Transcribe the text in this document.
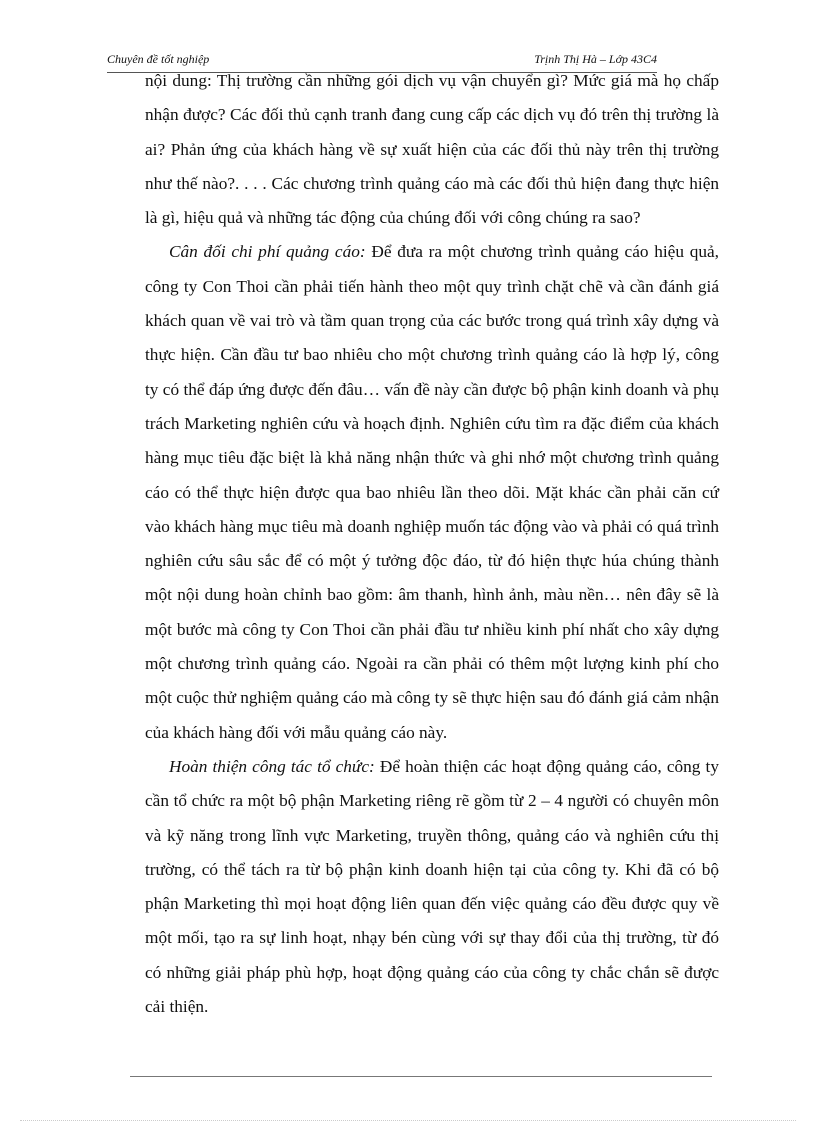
Chuyên đề tốt nghiệp	Trịnh Thị Hà – Lớp 43C4

nội dung: Thị trường cần những gói dịch vụ vận chuyển gì? Mức giá mà họ chấp nhận được? Các đối thủ cạnh tranh đang cung cấp các dịch vụ đó trên thị trường là ai? Phản ứng của khách hàng về sự xuất hiện của các đối thủ này trên thị trường như thế nào?. . . . Các chương trình quảng cáo mà các đối thủ hiện đang thực hiện là gì, hiệu quả và những tác động của chúng đối với công chúng ra sao?

Cân đối chi phí quảng cáo: Để đưa ra một chương trình quảng cáo hiệu quả, công ty Con Thoi cần phải tiến hành theo một quy trình chặt chẽ và cần đánh giá khách quan về vai trò và tầm quan trọng của các bước trong quá trình xây dựng và thực hiện. Cần đầu tư bao nhiêu cho một chương trình quảng cáo là hợp lý, công ty có thể đáp ứng được đến đâu… vấn đề này cần được bộ phận kinh doanh và phụ trách Marketing nghiên cứu và hoạch định. Nghiên cứu tìm ra đặc điểm của khách hàng mục tiêu đặc biệt là khả năng nhận thức và ghi nhớ một chương trình quảng cáo có thể thực hiện được qua bao nhiêu lần theo dõi. Mặt khác cần phải căn cứ vào khách hàng mục tiêu mà doanh nghiệp muốn tác động vào và phải có quá trình nghiên cứu sâu sắc để có một ý tưởng độc đáo, từ đó hiện thực húa chúng thành một nội dung hoàn chỉnh bao gồm: âm thanh, hình ảnh, màu nền… nên đây sẽ là một bước mà công ty Con Thoi cần phải đầu tư nhiều kinh phí nhất cho xây dựng một chương trình quảng cáo. Ngoài ra cần phải có thêm một lượng kinh phí cho một cuộc thử nghiệm quảng cáo mà công ty sẽ thực hiện sau đó đánh giá cảm nhận của khách hàng đối với mẫu quảng cáo này.

Hoàn thiện công tác tổ chức: Để hoàn thiện các hoạt động quảng cáo, công ty cần tổ chức ra một bộ phận Marketing riêng rẽ gồm từ 2 – 4 người có chuyên môn và kỹ năng trong lĩnh vực Marketing, truyền thông, quảng cáo và nghiên cứu thị trường, có thể tách ra từ bộ phận kinh doanh hiện tại của công ty. Khi đã có bộ phận Marketing thì mọi hoạt động liên quan đến việc quảng cáo đều được quy về một mối, tạo ra sự linh hoạt, nhạy bén cùng với sự thay đổi của thị trường, từ đó có những giải pháp phù hợp, hoạt động quảng cáo của công ty chắc chắn sẽ được cải thiện.
